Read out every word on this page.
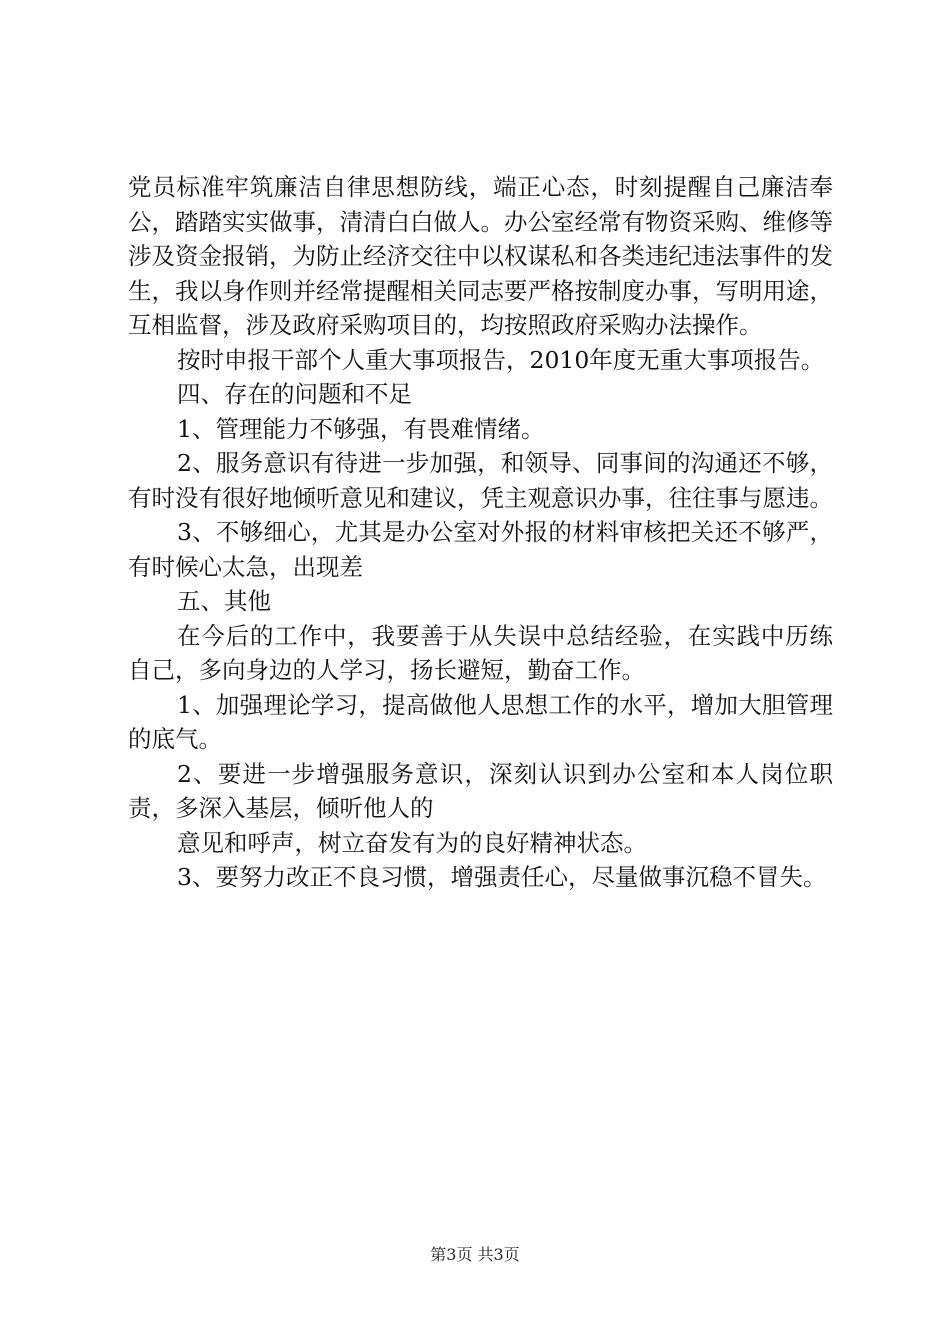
党员标准牢筑廉洁自律思想防线，端正心态，时刻提醒自己廉洁奉公，踏踏实实做事，清清白白做人。办公室经常有物资采购、维修等涉及资金报销，为防止经济交往中以权谋私和各类违纪违法事件的发生，我以身作则并经常提醒相关同志要严格按制度办事，写明用途，互相监督，涉及政府采购项目的，均按照政府采购办法操作。

按时申报干部个人重大事项报告，2010年度无重大事项报告。

四、存在的问题和不足

1、管理能力不够强，有畏难情绪。

2、服务意识有待进一步加强，和领导、同事间的沟通还不够，有时没有很好地倾听意见和建议，凭主观意识办事，往往事与愿违。

3、不够细心，尤其是办公室对外报的材料审核把关还不够严，有时候心太急，出现差

五、其他

在今后的工作中，我要善于从失误中总结经验，在实践中历练自己，多向身边的人学习，扬长避短，勤奋工作。

1、加强理论学习，提高做他人思想工作的水平，增加大胆管理的底气。

2、要进一步增强服务意识，深刻认识到办公室和本人岗位职责，多深入基层，倾听他人的

意见和呼声，树立奋发有为的良好精神状态。

3、要努力改正不良习惯，增强责任心，尽量做事沉稳不冒失。

第3页 共3页
